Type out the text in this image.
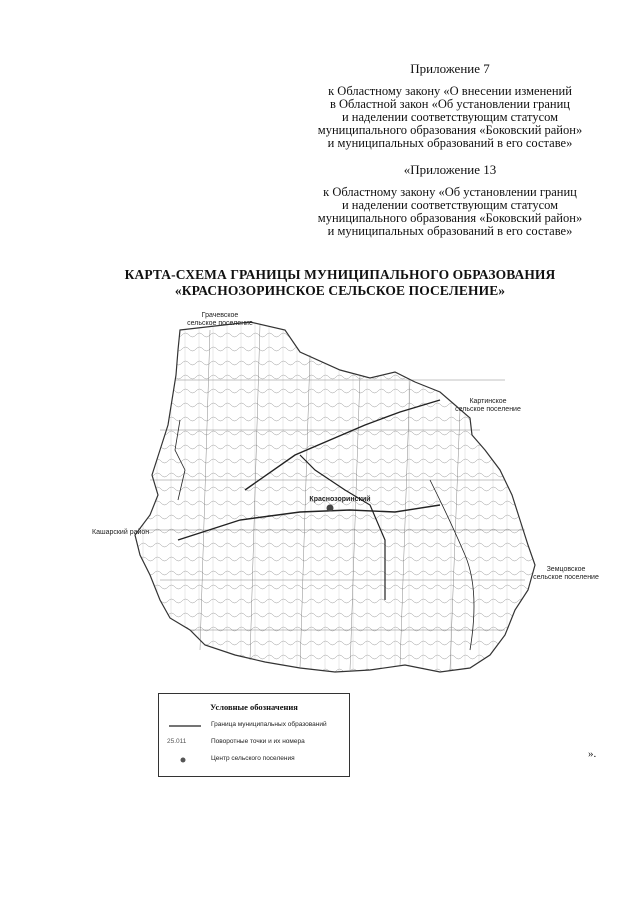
Приложение 7
к Областному закону «О внесении изменений
в Областной закон «Об установлении границ
и наделении соответствующим статусом
муниципального образования «Боковский район»
и муниципальных образований в его составе»
«Приложение 13
к Областному закону «Об установлении границ
и наделении соответствующим статусом
муниципального образования «Боковский район»
и муниципальных образований в его составе»
КАРТА-СХЕМА ГРАНИЦЫ МУНИЦИПАЛЬНОГО ОБРАЗОВАНИЯ
«КРАСНОЗОРИНСКОЕ СЕЛЬСКОЕ ПОСЕЛЕНИЕ»
Грачевское
сельское поселение
Картинское
сельское поселение
Кашарский район
Земцовское
сельское поселение
Краснозоринский
Условные обозначения
Граница муниципальных образований
25.011	Поворотные точки и их номера
Центр сельского поселения	».
